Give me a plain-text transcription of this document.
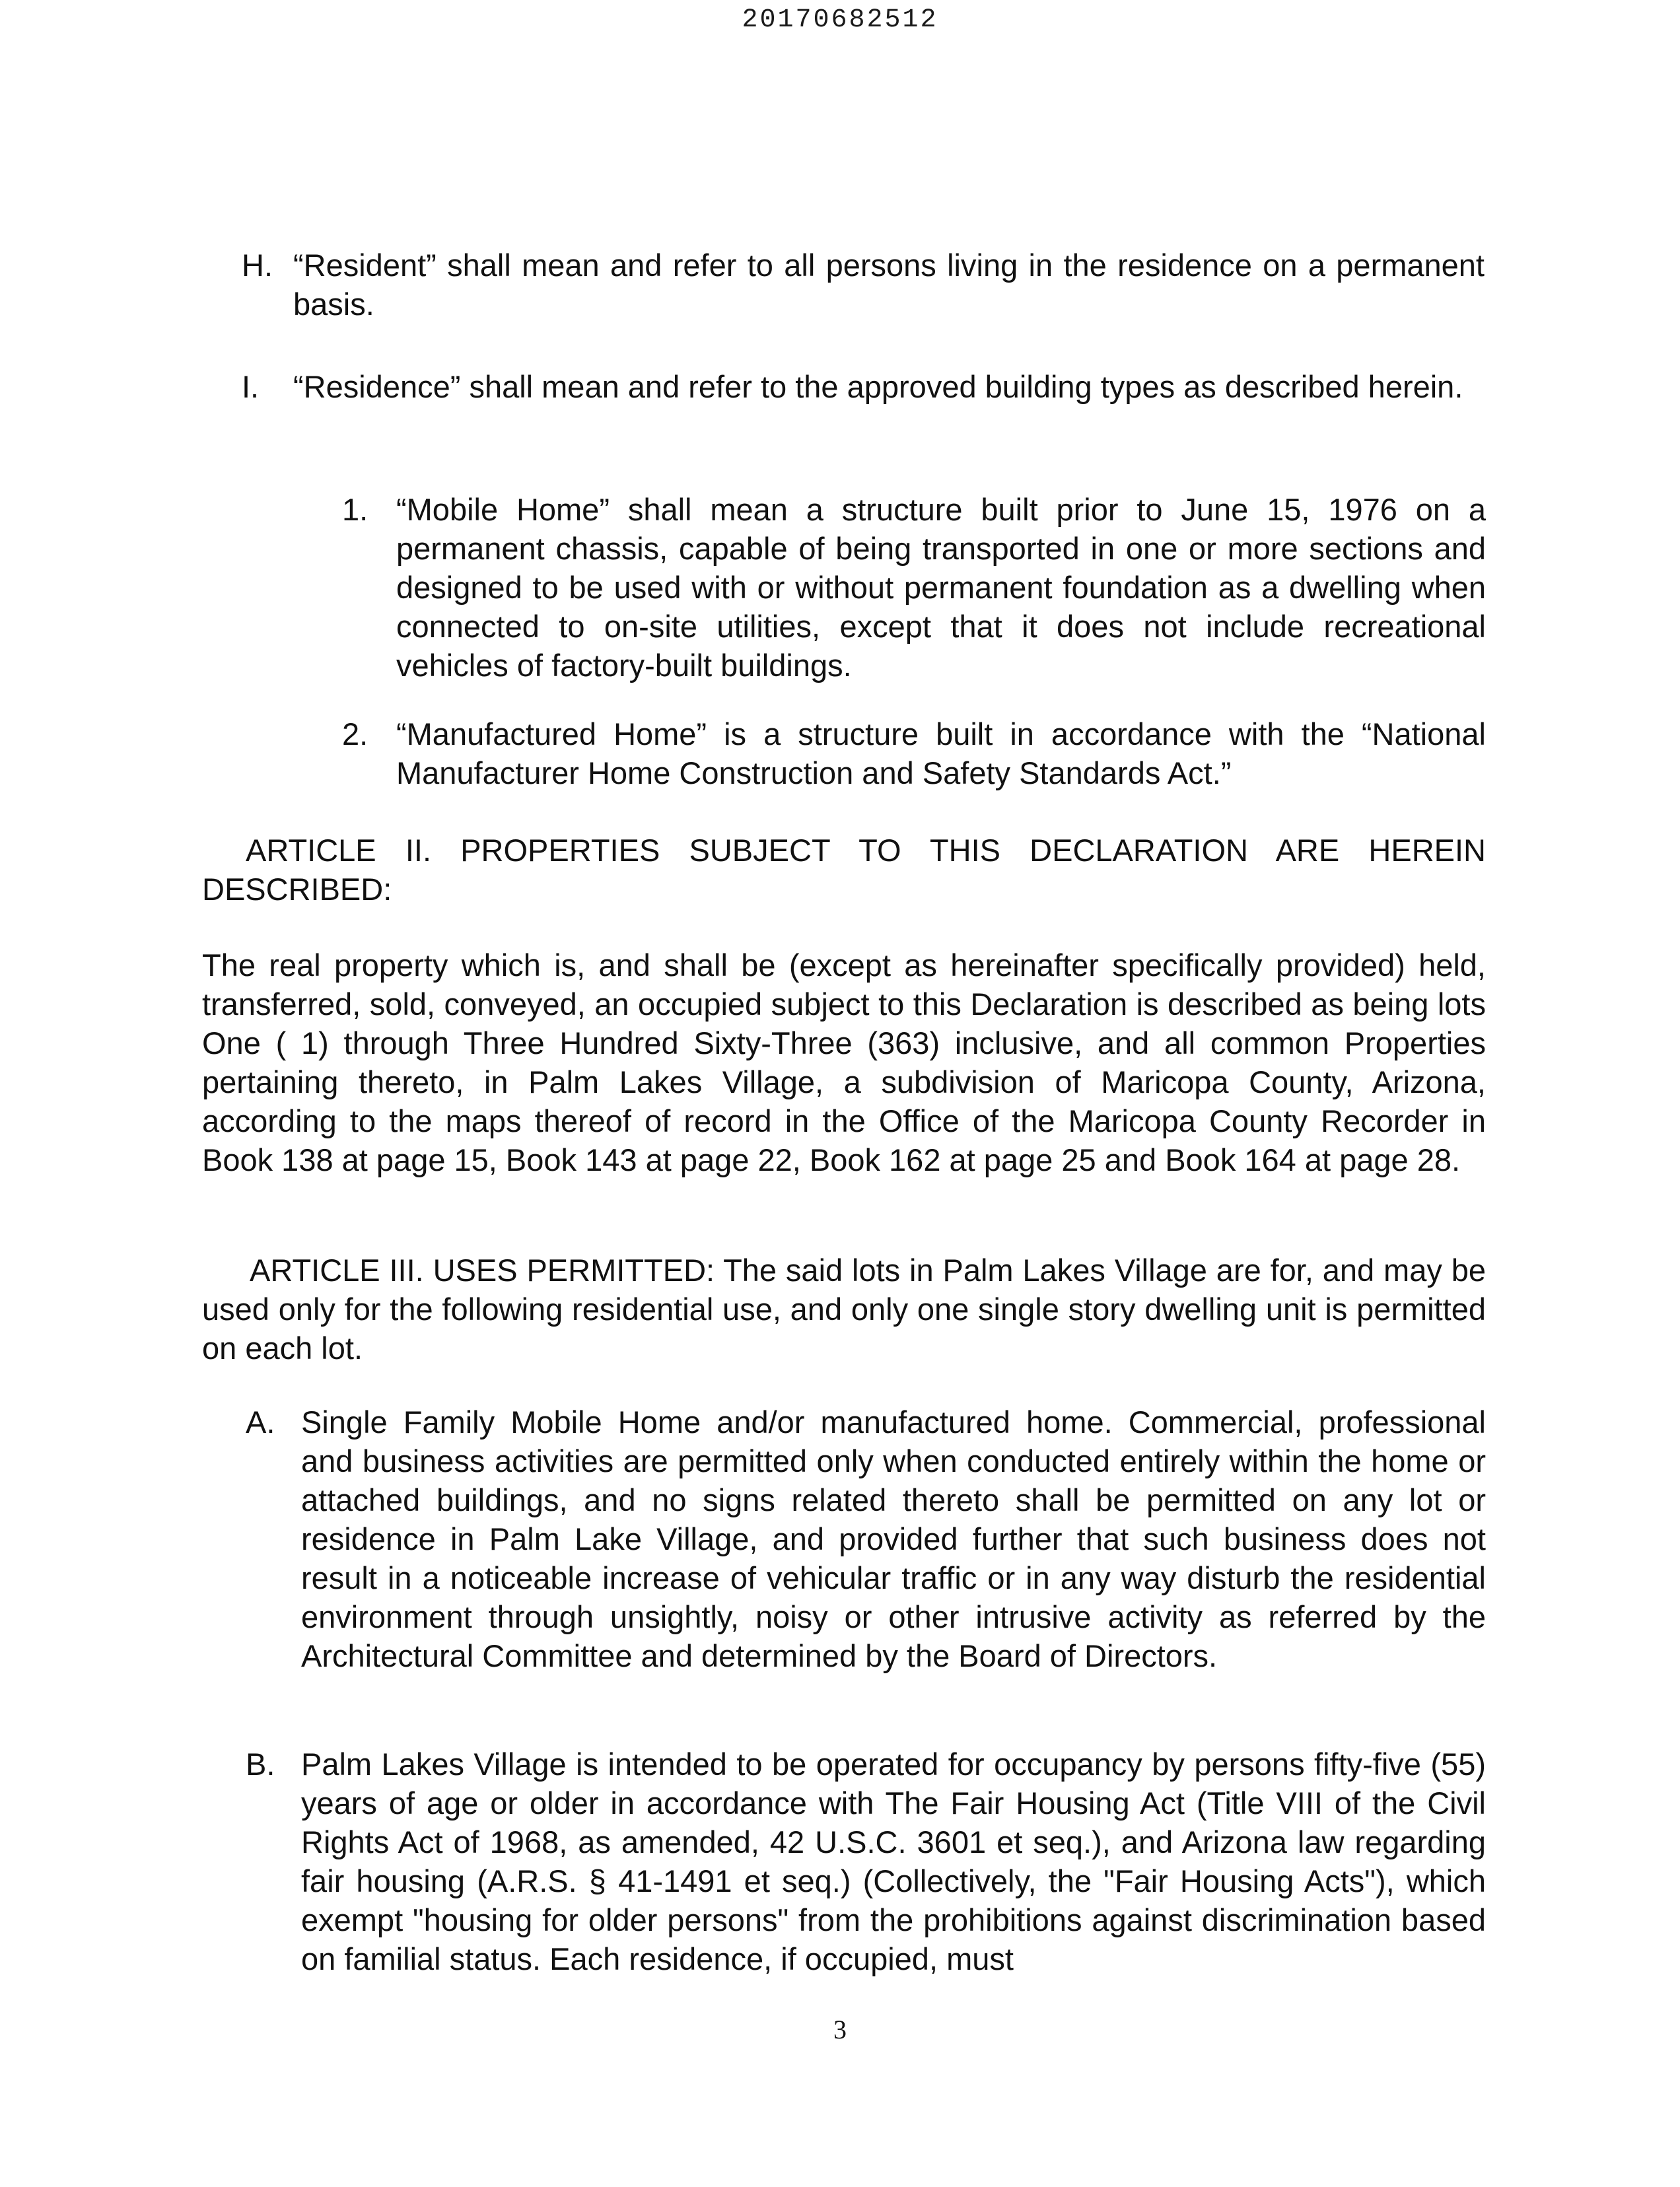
20170682512
H. “Resident” shall mean and refer to all persons living in the residence on a permanent basis.
I. “Residence” shall mean and refer to the approved building types as described herein.
1. “Mobile Home” shall mean a structure built prior to June 15, 1976 on a permanent chassis, capable of being transported in one or more sections and designed to be used with or without permanent foundation as a dwelling when connected to on-site utilities, except that it does not include recreational vehicles of factory-built buildings.
2. “Manufactured Home” is a structure built in accordance with the “National Manufacturer Home Construction and Safety Standards Act.”
ARTICLE II. PROPERTIES SUBJECT TO THIS DECLARATION ARE HEREIN DESCRIBED:
The real property which is, and shall be (except as hereinafter specifically provided) held, transferred, sold, conveyed, an occupied subject to this Declaration is described as being lots One ( 1) through Three Hundred Sixty-Three (363) inclusive, and all common Properties pertaining thereto, in Palm Lakes Village, a subdivision of Maricopa County, Arizona, according to the maps thereof of record in the Office of the Maricopa County Recorder in Book 138 at page 15, Book 143 at page 22, Book 162 at page 25 and Book 164 at page 28.
ARTICLE III. USES PERMITTED: The said lots in Palm Lakes Village are for, and may be used only for the following residential use, and only one single story dwelling unit is permitted on each lot.
A. Single Family Mobile Home and/or manufactured home. Commercial, professional and business activities are permitted only when conducted entirely within the home or attached buildings, and no signs related thereto shall be permitted on any lot or residence in Palm Lake Village, and provided further that such business does not result in a noticeable increase of vehicular traffic or in any way disturb the residential environment through unsightly, noisy or other intrusive activity as referred by the Architectural Committee and determined by the Board of Directors.
B. Palm Lakes Village is intended to be operated for occupancy by persons fifty-five (55) years of age or older in accordance with The Fair Housing Act (Title VIII of the Civil Rights Act of 1968, as amended, 42 U.S.C. 3601 et seq.), and Arizona law regarding fair housing (A.R.S. § 41-1491 et seq.) (Collectively, the "Fair Housing Acts"), which exempt "housing for older persons" from the prohibitions against discrimination based on familial status. Each residence, if occupied, must
3
